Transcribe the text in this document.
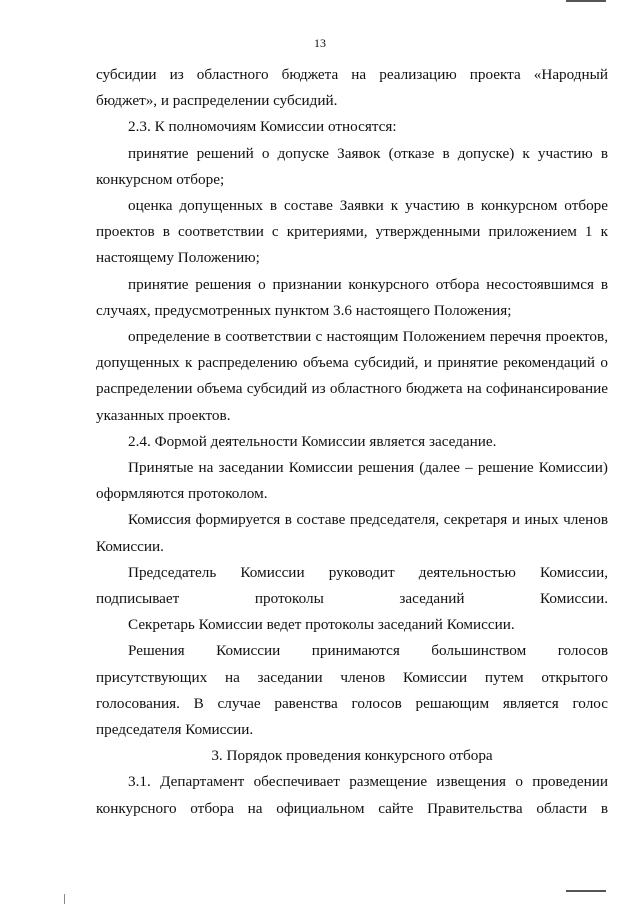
13

субсидии из областного бюджета на реализацию проекта «Народный бюджет», и распределении субсидий.

2.3. К полномочиям Комиссии относятся:

принятие решений о допуске Заявок (отказе в допуске) к участию в конкурсном отборе;

оценка допущенных в составе Заявки к участию в конкурсном отборе проектов в соответствии с критериями, утвержденными приложением 1 к настоящему Положению;

принятие решения о признании конкурсного отбора несостоявшимся в случаях, предусмотренных пунктом 3.6 настоящего Положения;

определение в соответствии с настоящим Положением перечня проектов, допущенных к распределению объема субсидий, и принятие рекомендаций о распределении объема субсидий из областного бюджета на софинансирование указанных проектов.

2.4. Формой деятельности Комиссии является заседание.

Принятые на заседании Комиссии решения (далее – решение Комиссии) оформляются протоколом.

Комиссия формируется в составе председателя, секретаря и иных членов Комиссии.

Председатель Комиссии руководит деятельностью Комиссии, подписывает протоколы заседаний Комиссии.

Секретарь Комиссии ведет протоколы заседаний Комиссии.

Решения Комиссии принимаются большинством голосов присутствующих на заседании членов Комиссии путем открытого голосования. В случае равенства голосов решающим является голос председателя Комиссии.

3. Порядок проведения конкурсного отбора

3.1. Департамент обеспечивает размещение извещения о проведении конкурсного отбора на официальном сайте Правительства области в
